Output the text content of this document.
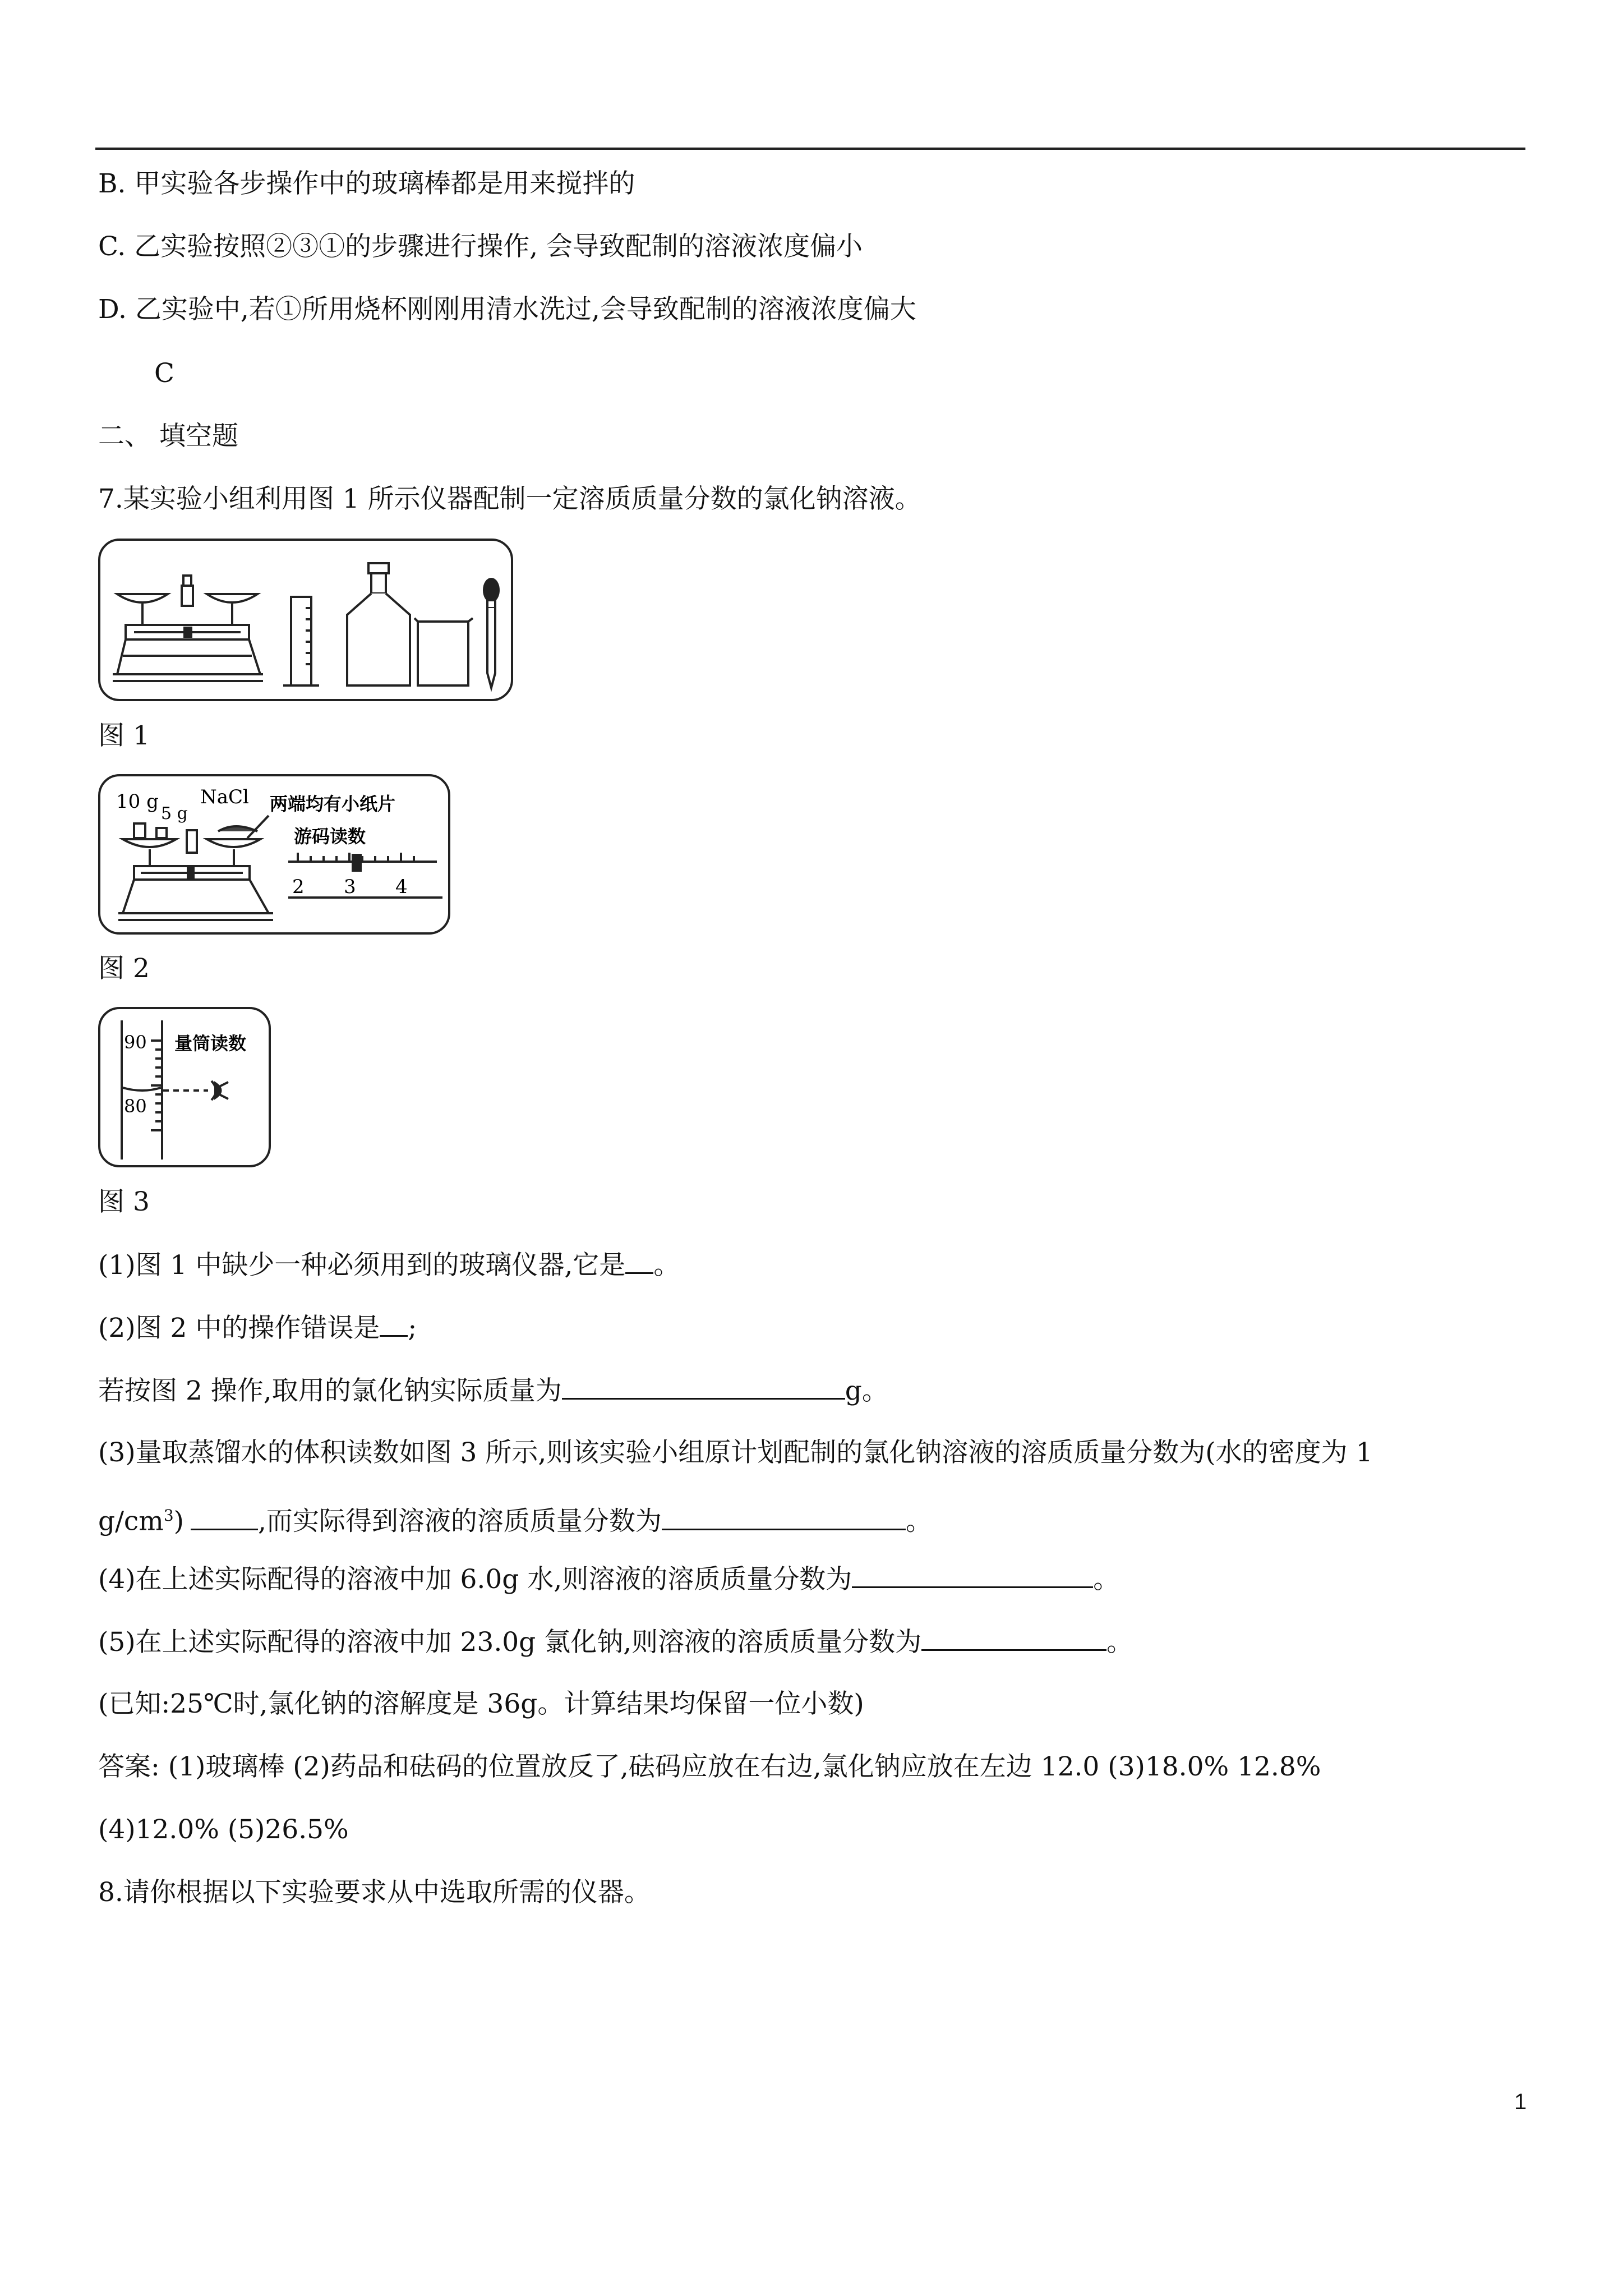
B. 甲实验各步操作中的玻璃棒都是用来搅拌的
C. 乙实验按照②③①的步骤进行操作, 会导致配制的溶液浓度偏小
D. 乙实验中,若①所用烧杯刚刚用清水洗过,会导致配制的溶液浓度偏大
C
二、 填空题
7.某实验小组利用图 1 所示仪器配制一定溶质质量分数的氯化钠溶液。
图 1
10 g
5 g
NaCl 两端均有小纸片
游码读数
2 3 4
图 2
90
80
量筒读数
图 3
(1)图 1 中缺少一种必须用到的玻璃仪器,它是 。
(2)图 2 中的操作错误是 ;
若按图 2 操作,取用的氯化钠实际质量为	g。
(3)量取蒸馏水的体积读数如图 3 所示,则该实验小组原计划配制的氯化钠溶液的溶质质量分数为(水的密度为 1
$g/cm^3$)	,而实际得到溶液的溶质质量分数为	。
(4)在上述实际配得的溶液中加 6.0g 水,则溶液的溶质质量分数为	。
(5)在上述实际配得的溶液中加 23.0g 氯化钠,则溶液的溶质质量分数为	。
(已知:25℃时,氯化钠的溶解度是 36g。计算结果均保留一位小数)
答案: (1)玻璃棒 (2)药品和砝码的位置放反了,砝码应放在右边,氯化钠应放在左边 12.0 (3)18.0% 12.8%
(4)12.0% (5)26.5%
8.请你根据以下实验要求从中选取所需的仪器。
1
